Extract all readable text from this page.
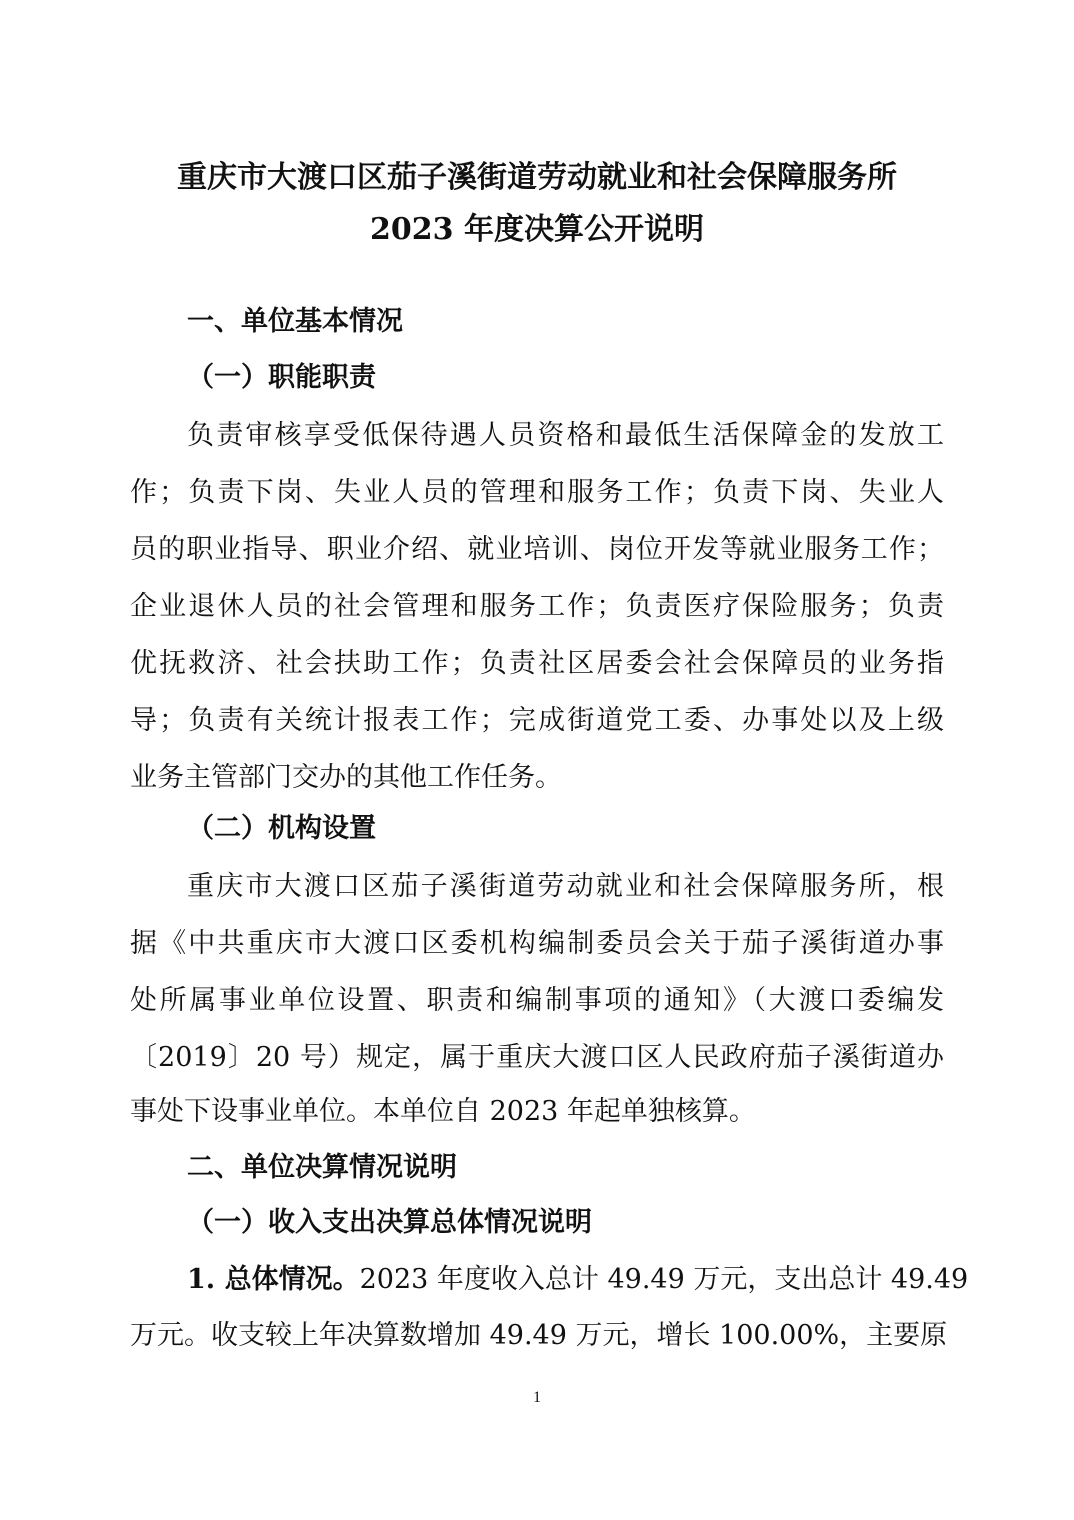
重庆市大渡口区茄子溪街道劳动就业和社会保障服务所
2023 年度决算公开说明
一、单位基本情况
（一）职能职责
负责审核享受低保待遇人员资格和最低生活保障金的发放工
作；负责下岗、失业人员的管理和服务工作；负责下岗、失业人
员的职业指导、职业介绍、就业培训、岗位开发等就业服务工作；
企业退休人员的社会管理和服务工作；负责医疗保险服务；负责
优抚救济、社会扶助工作；负责社区居委会社会保障员的业务指
导；负责有关统计报表工作；完成街道党工委、办事处以及上级
业务主管部门交办的其他工作任务。
（二）机构设置
重庆市大渡口区茄子溪街道劳动就业和社会保障服务所，根
据《中共重庆市大渡口区委机构编制委员会关于茄子溪街道办事
处所属事业单位设置、职责和编制事项的通知》（大渡口委编发
〔2019〕20 号）规定，属于重庆大渡口区人民政府茄子溪街道办
事处下设事业单位。本单位自 2023 年起单独核算。
二、单位决算情况说明
（一）收入支出决算总体情况说明
1. 总体情况。2023 年度收入总计 49.49 万元，支出总计 49.49
万元。收支较上年决算数增加 49.49 万元，增长 100.00%，主要原
1
